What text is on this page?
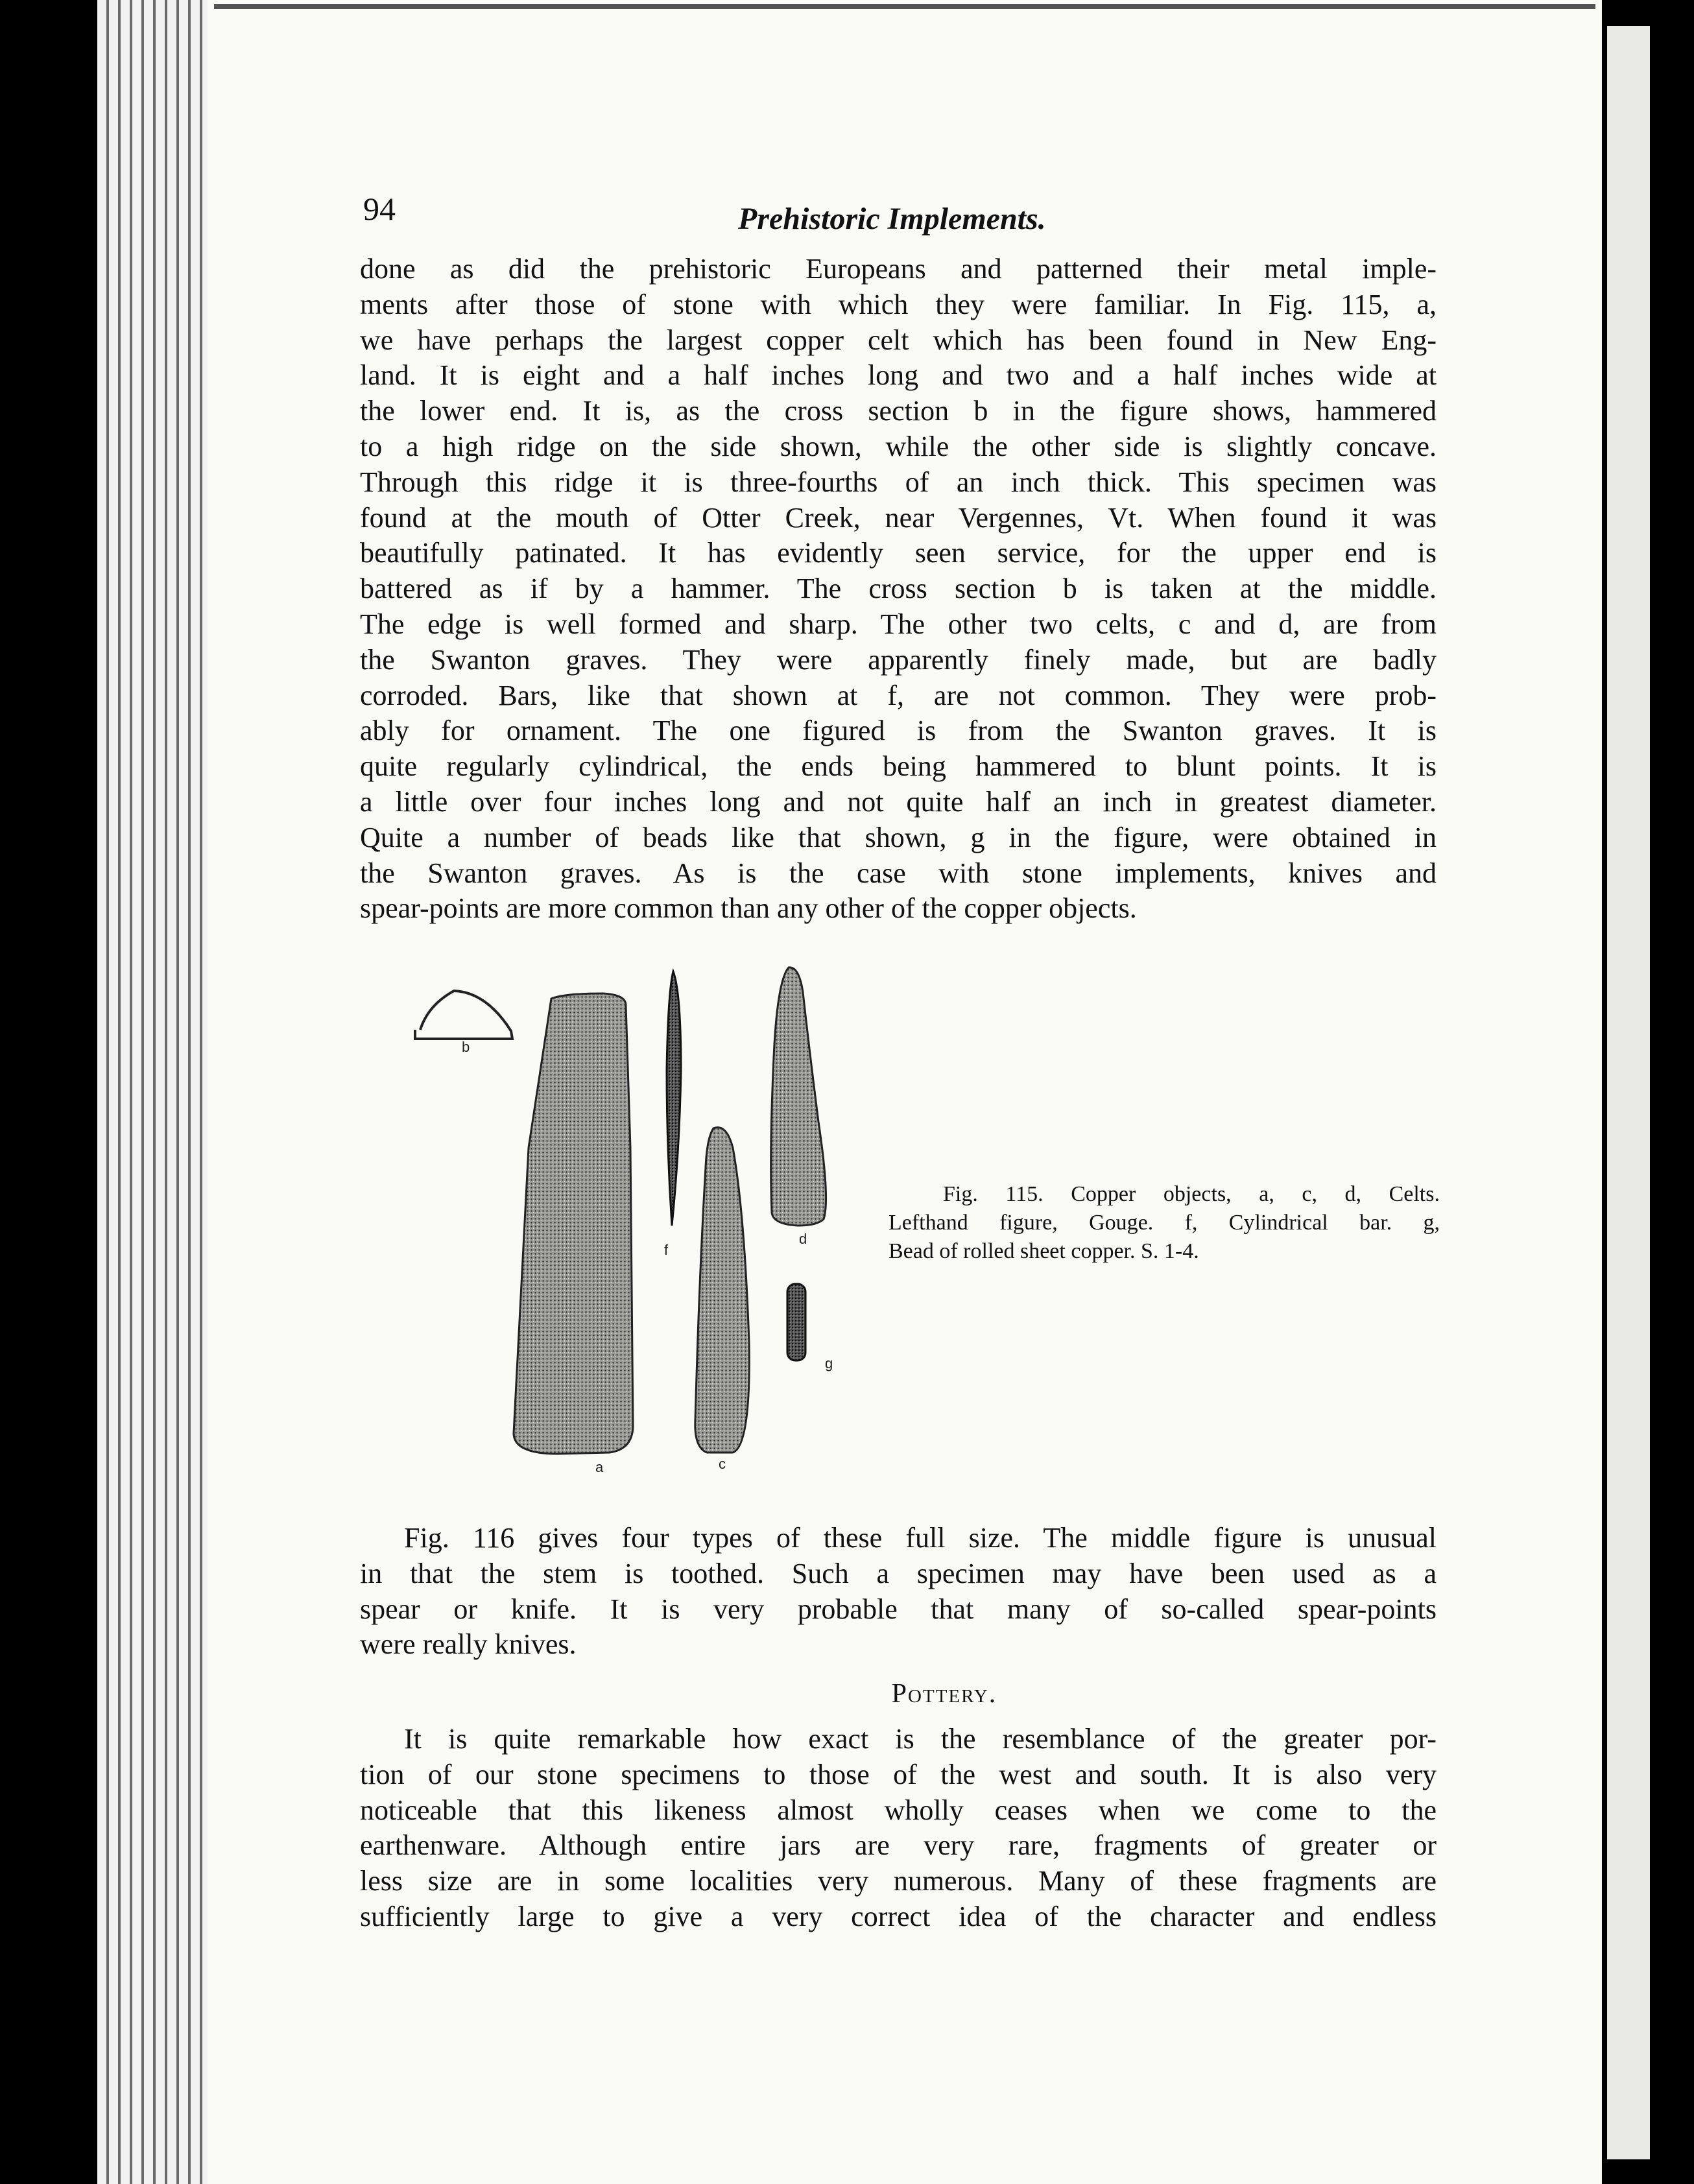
94	Prehistoric Implements.
done as did the prehistoric Europeans and patterned their metal imple-
ments after those of stone with which they were familiar. In Fig. 115, a,
we have perhaps the largest copper celt which has been found in New Eng-
land. It is eight and a half inches long and two and a half inches wide at
the lower end. It is, as the cross section b in the figure shows, hammered
to a high ridge on the side shown, while the other side is slightly concave.
Through this ridge it is three-fourths of an inch thick. This specimen was
found at the mouth of Otter Creek, near Vergennes, Vt. When found it was
beautifully patinated. It has evidently seen service, for the upper end is
battered as if by a hammer. The cross section b is taken at the middle.
The edge is well formed and sharp. The other two celts, c and d, are from
the Swanton graves. They were apparently finely made, but are badly
corroded. Bars, like that shown at f, are not common. They were prob-
ably for ornament. The one figured is from the Swanton graves. It is
quite regularly cylindrical, the ends being hammered to blunt points. It is
a little over four inches long and not quite half an inch in greatest diameter.
Quite a number of beads like that shown, g in the figure, were obtained in
the Swanton graves. As is the case with stone implements, knives and
spear-points are more common than any other of the copper objects.
b
a
f
c
d
g
Fig. 115. Copper objects, a, c, d, Celts.
Lefthand figure, Gouge. f, Cylindrical bar. g,
Bead of rolled sheet copper. S. 1-4.
Fig. 116 gives four types of these full size. The middle figure is unusual
in that the stem is toothed. Such a specimen may have been used as a
spear or knife. It is very probable that many of so-called spear-points
were really knives.
Pottery.
It is quite remarkable how exact is the resemblance of the greater por-
tion of our stone specimens to those of the west and south. It is also very
noticeable that this likeness almost wholly ceases when we come to the
earthenware. Although entire jars are very rare, fragments of greater or
less size are in some localities very numerous. Many of these fragments are
sufficiently large to give a very correct idea of the character and endless
